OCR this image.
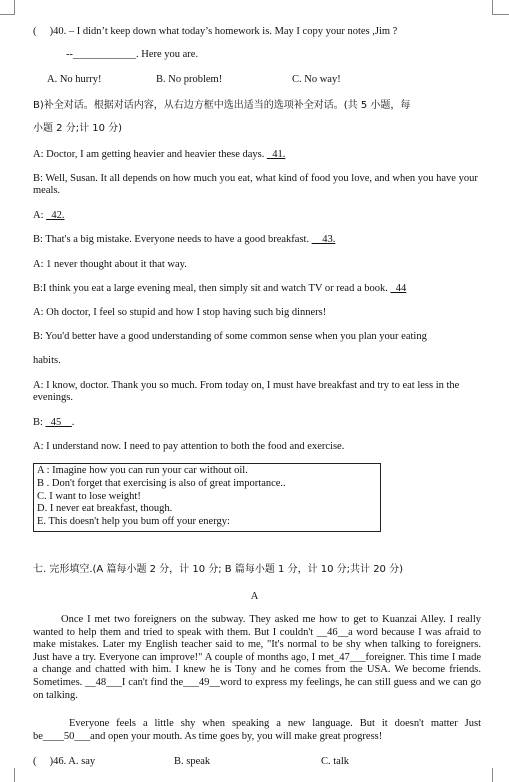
( )40. – I didn’t keep down what today’s homework is. May I copy your notes ,Jim ?
--____________. Here you are.
A. No hurry!	B. No problem!	C. No way!
B)补全对话。根据对话内容，从右边方框中选出适当的选项补全对话。(共 5 小题，每
小题 2 分;计 10 分)
A: Doctor, I am getting heavier and heavier these days. _41.
B: Well, Susan. It all depends on how much you eat, what kind of food you love, and when you have your meals.
A: _42.
B: That's a big mistake. Everyone needs to have a good breakfast. __43.
A: 1 never thought about it that way.
B:I think you eat a large evening meal, then simply sit and watch TV or read a book. _44
A: Oh doctor, I feel so stupid and how I stop having such big dinners!
B: You'd better have a good understanding of some common sense when you plan your eating
habits.
A: I know, doctor. Thank you so much. From today on, I must have breakfast and try to eat less in the evenings.
B: _45__.
A: I understand now. I need to pay attention to both the food and exercise.
A : Imagine how you can run your car without oil.
B . Don't forget that exercising is also of great importance..
C. I want to lose weight!
D. I never eat breakfast, though.
E. This doesn't help you bum off your energy:
七. 完形填空.(A 篇每小题 2 分，计 10 分; B 篇每小题 1 分，计 10 分;共计 20 分)
A
Once I met two foreigners on the subway. They asked me how to get to Kuanzai Alley. I really wanted to help them and tried to speak with them. But I couldn't __46__a word because I was afraid to make mistakes. Later my English teacher said to me, "It's normal to be shy when talking to foreigners. Just have a try. Everyone can improve!" A couple of months ago, I met_47___foreigner. This time I made a change and chatted with him. I knew he is Tony and he comes from the USA. We become friends. Sometimes. __48___I can't find the___49__word to express my feelings, he can still guess and we can go on talking.
Everyone feels a little shy when speaking a new language. But it doesn't matter Just be____50___and open your mouth. As time goes by, you will make great progress!
( )46. A. say	B. speak	C. talk
